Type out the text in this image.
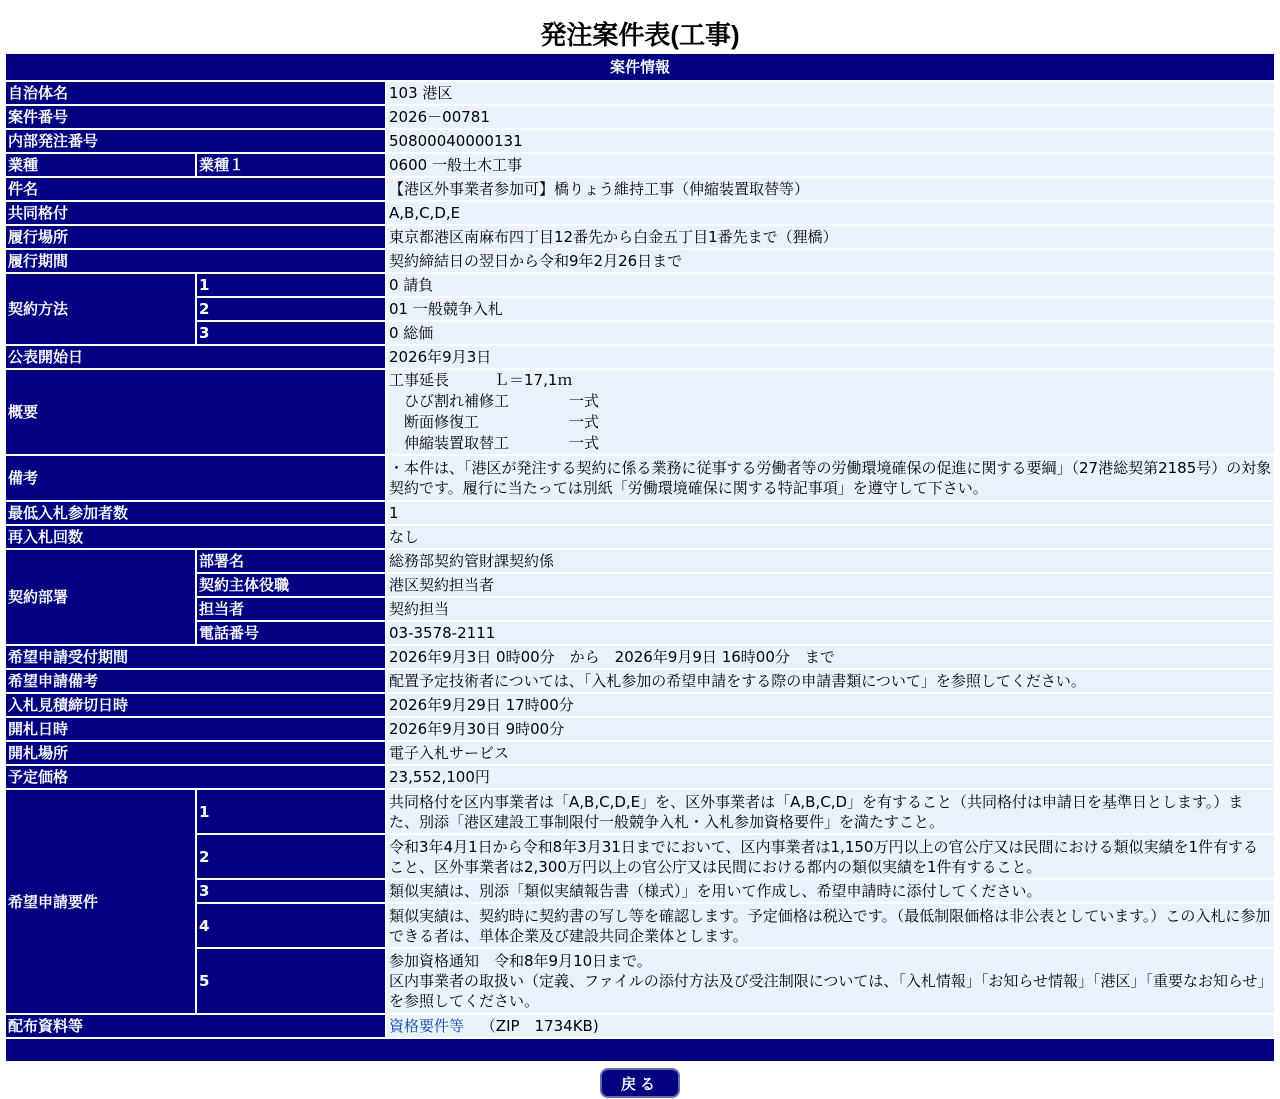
発注案件表(工事)
案件情報		
自治体名		103 港区
案件番号		2026－00781
内部発注番号		50800040000131
業種	業種１	0600 一般土木工事
件名		【港区外事業者参加可】橋りょう維持工事（伸縮装置取替等）
共同格付		A,B,C,D,E
履行場所		東京都港区南麻布四丁目12番先から白金五丁目1番先まで（狸橋）
履行期間		契約締結日の翌日から令和9年2月26日まで
契約方法	1	0 請負
	2	01 一般競争入札
	3	0 総価
公表開始日		2026年9月3日
概要		工事延長　　　Ｌ＝17,1ｍ
　ひび割れ補修工　　　　一式
　断面修復工　　　　　　一式
　伸縮装置取替工　　　　一式
備考		・本件は、「港区が発注する契約に係る業務に従事する労働者等の労働環境確保の促進に関する要綱」（27港総契第2185号）の対象契約です。履行に当たっては別紙「労働環境確保に関する特記事項」を遵守して下さい。
最低入札参加者数		1
再入札回数		なし
契約部署	部署名	総務部契約管財課契約係
	契約主体役職	港区契約担当者
	担当者	契約担当
	電話番号	03-3578-2111
希望申請受付期間		2026年9月3日 0時00分　から　2026年9月9日 16時00分　まで
希望申請備考		配置予定技術者については、「入札参加の希望申請をする際の申請書類について」を参照してください。
入札見積締切日時		2026年9月29日 17時00分
開札日時		2026年9月30日 9時00分
開札場所		電子入札サービス
予定価格		23,552,100円
希望申請要件	1	共同格付を区内事業者は「A,B,C,D,E」を、区外事業者は「A,B,C,D」を有すること（共同格付は申請日を基準日とします。）また、別添「港区建設工事制限付一般競争入札・入札参加資格要件」を満たすこと。
	2	令和3年4月1日から令和8年3月31日までにおいて、区内事業者は1,150万円以上の官公庁又は民間における類似実績を1件有すること、区外事業者は2,300万円以上の官公庁又は民間における都内の類似実績を1件有すること。
	3	類似実績は、別添「類似実績報告書（様式）」を用いて作成し、希望申請時に添付してください。
	4	類似実績は、契約時に契約書の写し等を確認します。予定価格は税込です。（最低制限価格は非公表としています。）この入札に参加できる者は、単体企業及び建設共同企業体とします。
	5	参加資格通知　令和8年9月10日まで。
区内事業者の取扱い（定義、ファイルの添付方法及び受注制限については、「入札情報」「お知らせ情報」「港区」「重要なお知らせ」を参照してください。
配布資料等		資格要件等 （ZIP　1734KB)

戻る
